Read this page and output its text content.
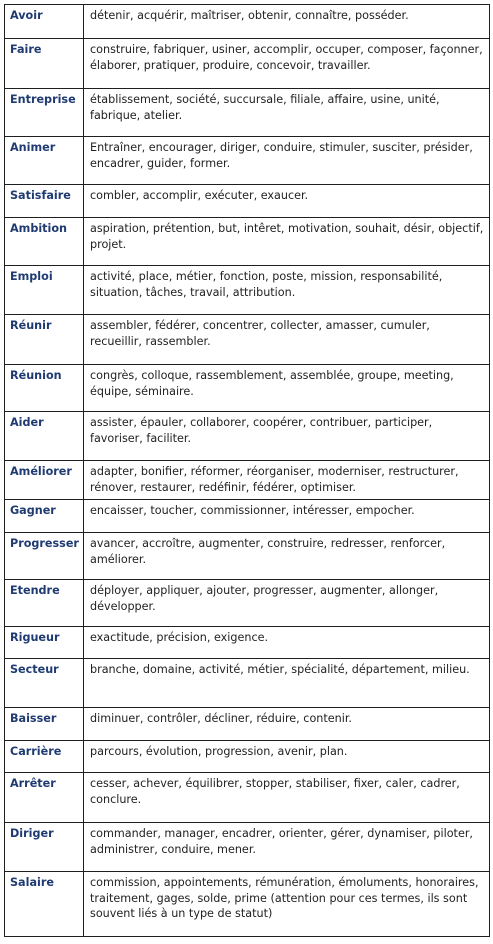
Avoir	détenir, acquérir, maîtriser, obtenir, connaître, posséder.
Faire	construire, fabriquer, usiner, accomplir, occuper, composer, façonner, élaborer, pratiquer, produire, concevoir, travailler.
Entreprise	établissement, société, succursale, filiale, affaire, usine, unité, fabrique, atelier.
Animer	Entraîner, encourager, diriger, conduire, stimuler, susciter, présider, encadrer, guider, former.
Satisfaire	combler, accomplir, exécuter, exaucer.
Ambition	aspiration, prétention, but, intêret, motivation, souhait, désir, objectif, projet.
Emploi	activité, place, métier, fonction, poste, mission, responsabilité, situation, tâches, travail, attribution.
Réunir	assembler, fédérer, concentrer, collecter, amasser, cumuler, recueillir, rassembler.
Réunion	congrès, colloque, rassemblement, assemblée, groupe, meeting, équipe, séminaire.
Aider	assister, épauler, collaborer, coopérer, contribuer, participer, favoriser, faciliter.
Améliorer	adapter, bonifier, réformer, réorganiser, moderniser, restructurer, rénover, restaurer, redéfinir, fédérer, optimiser.
Gagner	encaisser, toucher, commissionner, intéresser, empocher.
Progresser	avancer, accroître, augmenter, construire, redresser, renforcer, améliorer.
Etendre	déployer, appliquer, ajouter, progresser, augmenter, allonger, développer.
Rigueur	exactitude, précision, exigence.
Secteur	branche, domaine, activité, métier, spécialité, département, milieu.
Baisser	diminuer, contrôler, décliner, réduire, contenir.
Carrière	parcours, évolution, progression, avenir, plan.
Arrêter	cesser, achever, équilibrer, stopper, stabiliser, fixer, caler, cadrer, conclure.
Diriger	commander, manager, encadrer, orienter, gérer, dynamiser, piloter, administrer, conduire, mener.
Salaire	commission, appointements, rémunération, émoluments, honoraires, traitement, gages, solde, prime (attention pour ces termes, ils sont souvent liés à un type de statut)
